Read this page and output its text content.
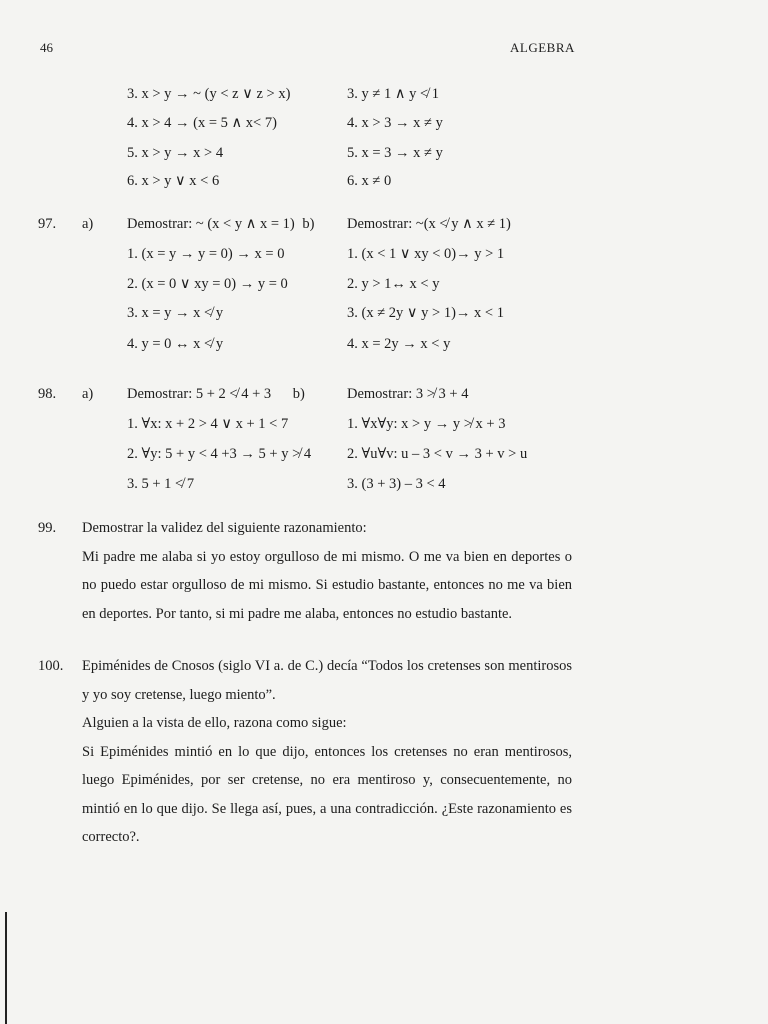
46	ALGEBRA
3. x > y → ~ (y < z ∨ z > x)
4. x > 4 → (x = 5 ∧ x< 7)
5. x > y → x > 4
6. x > y ∨ x < 6
3. y ≠ 1 ∧ y ≮ 1
4. x > 3 → x ≠ y
5. x = 3 → x ≠ y
6. x ≠ 0
97. a) Demostrar: ~ (x < y ∧ x = 1) b) Demostrar: ~(x ≮ y ∧ x ≠ 1)
1. (x = y → y = 0) → x = 0
2. (x = 0 ∨ xy = 0) → y = 0
3. x = y → x ≮ y
4. y = 0 ↔ x ≮ y
1. (x < 1 ∨ xy < 0)→ y > 1
2. y > 1↔ x < y
3. (x ≠ 2y ∨ y > 1)→ x < 1
4. x = 2y → x < y
98. a) Demostrar: 5 + 2 ≮ 4 + 3 b)	Demostrar: 3 ≯ 3 + 4
1. ∀x: x + 2 > 4 ∨ x + 1 < 7
2. ∀y: 5 + y < 4 +3 → 5 + y ≯ 4
3. 5 + 1 ≮ 7
1. ∀x∀y: x > y → y ≯ x + 3
2. ∀u∀v: u – 3 < v → 3 + v > u
3. (3 + 3) – 3 < 4
99. Demostrar la validez del siguiente razonamiento:

Mi padre me alaba si yo estoy orgulloso de mi mismo. O me va bien en deportes o no puedo estar orgulloso de mi mismo. Si estudio bastante, entonces no me va bien en deportes. Por tanto, si mi padre me alaba, entonces no estudio bastante.

100. Epiménides de Cnosos (siglo VI a. de C.) decía “Todos los cretenses son mentirosos y yo soy cretense, luego miento”.

Alguien a la vista de ello, razona como sigue:

Si Epiménides mintió en lo que dijo, entonces los cretenses no eran mentirosos, luego Epiménides, por ser cretense, no era mentiroso y, consecuentemente, no mintió en lo que dijo. Se llega así, pues, a una contradicción. ¿Este razonamiento es correcto?.
